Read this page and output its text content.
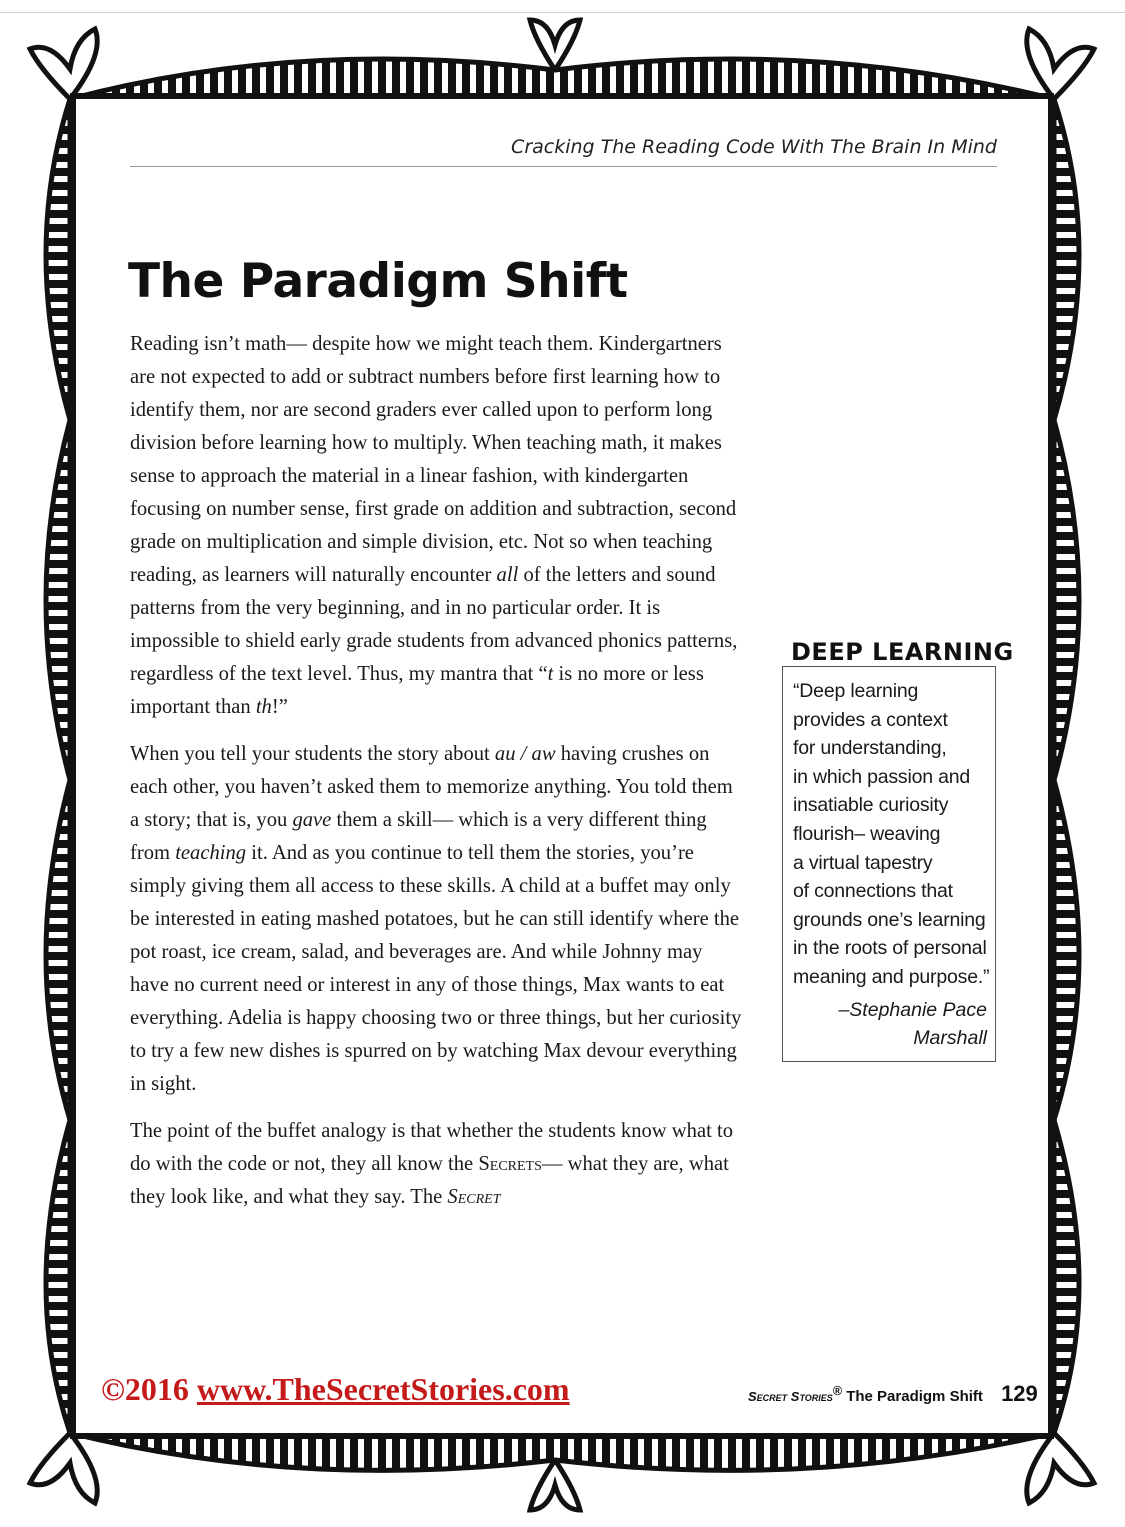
Cracking The Reading Code With The Brain In Mind
The Paradigm Shift

Reading isn’t math— despite how we might teach them. Kindergartners are not expected to add or subtract numbers before first learning how to identify them, nor are second graders ever called upon to perform long division before learning how to multiply. When teaching math, it makes sense to approach the material in a linear fashion, with kindergarten focusing on number sense, first grade on addition and subtraction, second grade on multiplication and simple division, etc. Not so when teaching reading, as learners will naturally encounter all of the letters and sound patterns from the very beginning, and in no particular order. It is impossible to shield early grade students from advanced phonics patterns, regardless of the text level. Thus, my mantra that “t is no more or less important than th!”

When you tell your students the story about au / aw having crushes on each other, you haven’t asked them to memorize anything. You told them a story; that is, you gave them a skill— which is a very different thing from teaching it. And as you continue to tell them the stories, you’re simply giving them all access to these skills. A child at a buffet may only be interested in eating mashed potatoes, but he can still identify where the pot roast, ice cream, salad, and beverages are. And while Johnny may have no current need or interest in any of those things, Max wants to eat everything. Adelia is happy choosing two or three things, but her curiosity to try a few new dishes is spurred on by watching Max devour everything in sight.

The point of the buffet analogy is that whether the students know what to do with the code or not, they all know the Secrets— what they are, what they look like, and what they say. The Secret

DEEP LEARNING
“Deep learning
provides a context
for understanding,
in which passion and
insatiable curiosity
flourish– weaving
a virtual tapestry
of connections that
grounds one’s learning
in the roots of personal
meaning and purpose.”
–Stephanie Pace
Marshall
©2016 www.TheSecretStories.com	Secret Stories® The Paradigm Shift 129
